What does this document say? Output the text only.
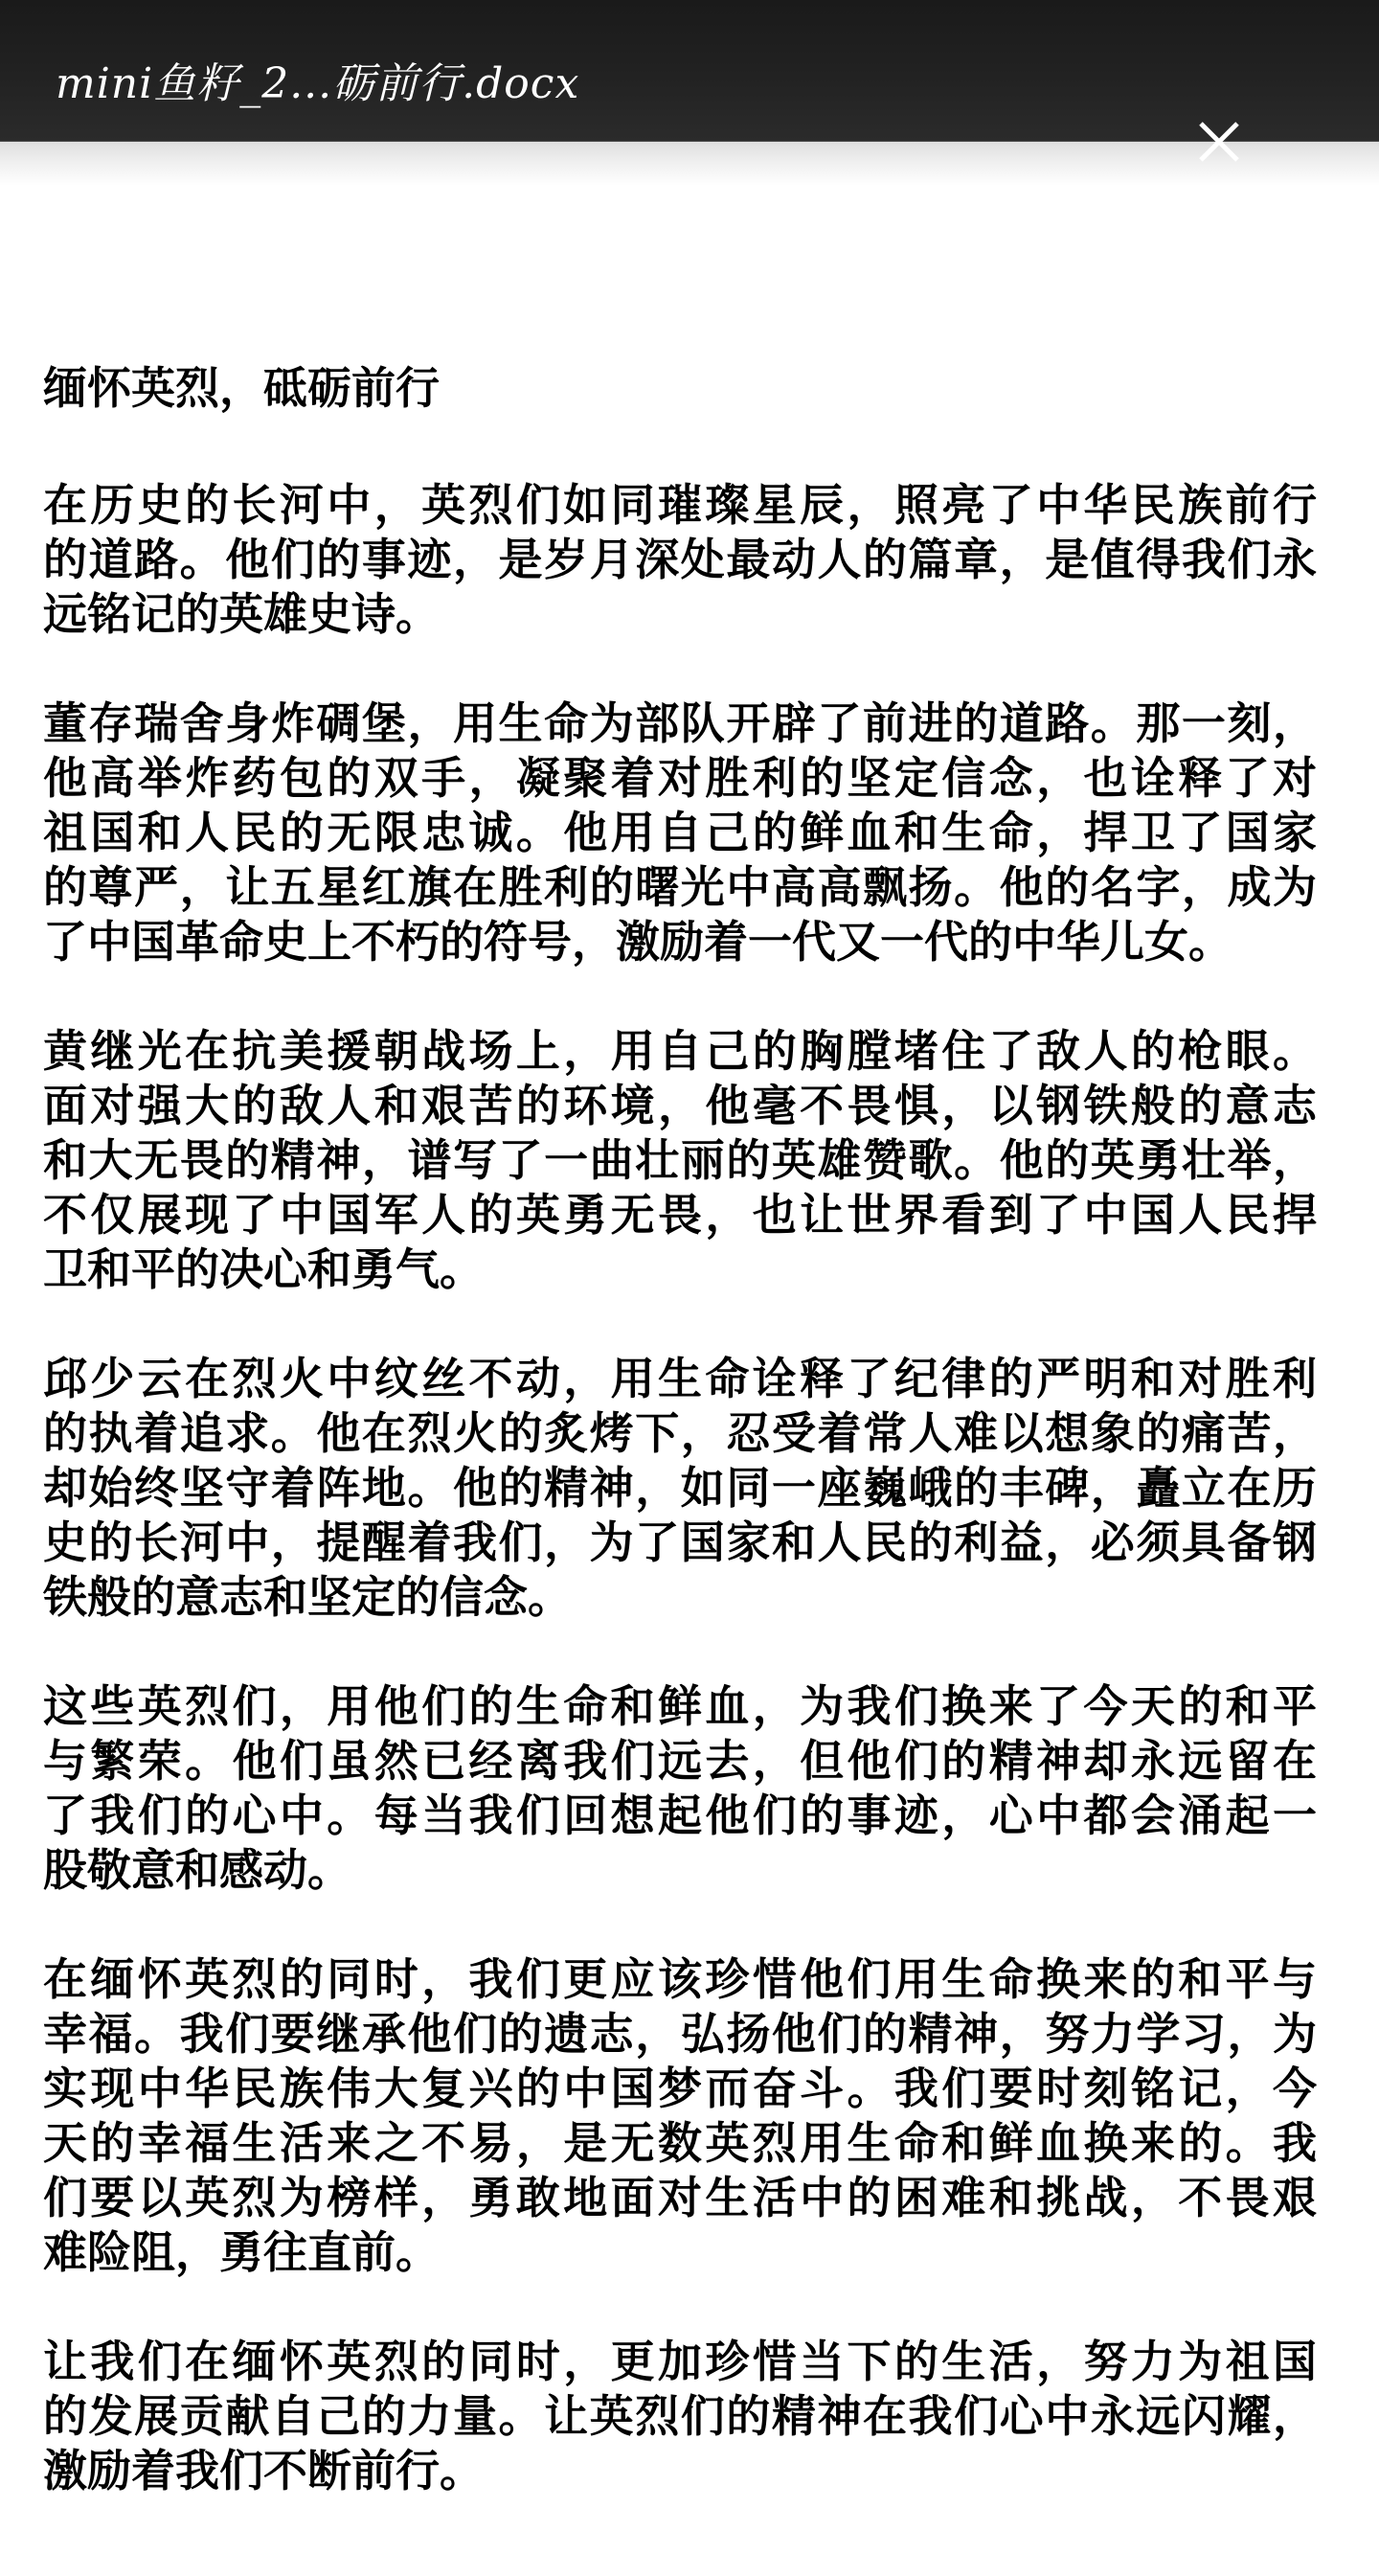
mini鱼籽_2...砺前行.docx
缅怀英烈，砥砺前行
在历史的长河中，英烈们如同璀璨星辰，照亮了中华民族前行
的道路。他们的事迹，是岁月深处最动人的篇章，是值得我们永
远铭记的英雄史诗。
董存瑞舍身炸碉堡，用生命为部队开辟了前进的道路。那一刻，
他高举炸药包的双手，凝聚着对胜利的坚定信念，也诠释了对
祖国和人民的无限忠诚。他用自己的鲜血和生命，捍卫了国家
的尊严，让五星红旗在胜利的曙光中高高飘扬。他的名字，成为
了中国革命史上不朽的符号，激励着一代又一代的中华儿女。
黄继光在抗美援朝战场上，用自己的胸膛堵住了敌人的枪眼。
面对强大的敌人和艰苦的环境，他毫不畏惧，以钢铁般的意志
和大无畏的精神，谱写了一曲壮丽的英雄赞歌。他的英勇壮举，
不仅展现了中国军人的英勇无畏，也让世界看到了中国人民捍
卫和平的决心和勇气。
邱少云在烈火中纹丝不动，用生命诠释了纪律的严明和对胜利
的执着追求。他在烈火的炙烤下，忍受着常人难以想象的痛苦，
却始终坚守着阵地。他的精神，如同一座巍峨的丰碑，矗立在历
史的长河中，提醒着我们，为了国家和人民的利益，必须具备钢
铁般的意志和坚定的信念。
这些英烈们，用他们的生命和鲜血，为我们换来了今天的和平
与繁荣。他们虽然已经离我们远去，但他们的精神却永远留在
了我们的心中。每当我们回想起他们的事迹，心中都会涌起一
股敬意和感动。
在缅怀英烈的同时，我们更应该珍惜他们用生命换来的和平与
幸福。我们要继承他们的遗志，弘扬他们的精神，努力学习，为
实现中华民族伟大复兴的中国梦而奋斗。我们要时刻铭记，今
天的幸福生活来之不易，是无数英烈用生命和鲜血换来的。我
们要以英烈为榜样，勇敢地面对生活中的困难和挑战，不畏艰
难险阻，勇往直前。
让我们在缅怀英烈的同时，更加珍惜当下的生活，努力为祖国
的发展贡献自己的力量。让英烈们的精神在我们心中永远闪耀，
激励着我们不断前行。
